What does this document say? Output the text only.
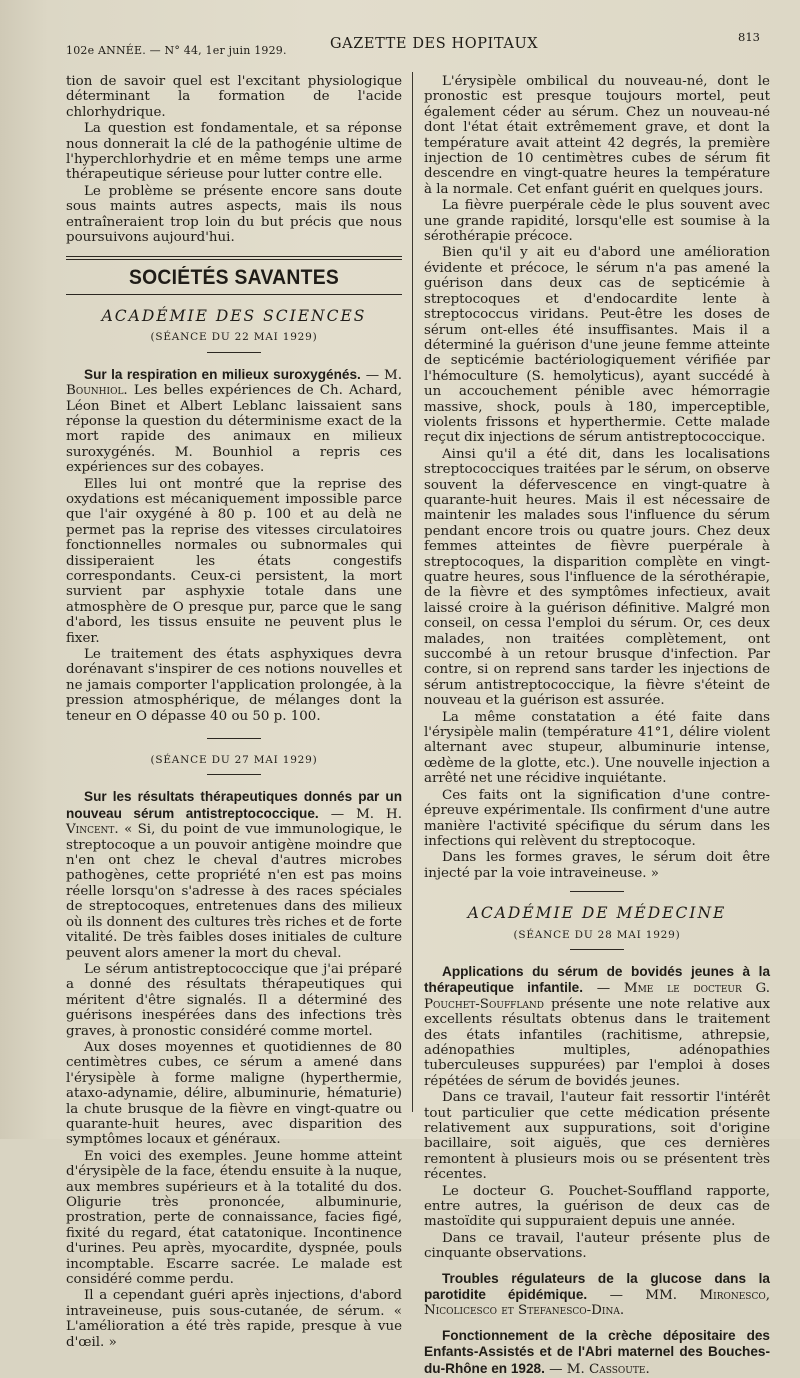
102e ANNÉE. — N° 44, 1er juin 1929.	GAZETTE DES HOPITAUX	813

tion de savoir quel est l'excitant physiologique déterminant la formation de l'acide chlorhydrique.

La question est fondamentale, et sa réponse nous donnerait la clé de la pathogénie ultime de l'hyperchlorhydrie et en même temps une arme thérapeutique sérieuse pour lutter contre elle.

Le problème se présente encore sans doute sous maints autres aspects, mais ils nous entraîneraient trop loin du but précis que nous poursuivons aujourd'hui.

SOCIÉTÉS SAVANTES
ACADÉMIE DES SCIENCES
(SÉANCE DU 22 MAI 1929)

Sur la respiration en milieux suroxygénés. — M. Bounhiol. Les belles expériences de Ch. Achard, Léon Binet et Albert Leblanc laissaient sans réponse la question du déterminisme exact de la mort rapide des animaux en milieux suroxygénés. M. Bounhiol a repris ces expériences sur des cobayes.

Elles lui ont montré que la reprise des oxydations est mécaniquement impossible parce que l'air oxygéné à 80 p. 100 et au delà ne permet pas la reprise des vitesses circulatoires fonctionnelles normales ou subnormales qui dissiperaient les états congestifs correspondants. Ceux-ci persistent, la mort survient par asphyxie totale dans une atmosphère de O presque pur, parce que le sang d'abord, les tissus ensuite ne peuvent plus le fixer.

Le traitement des états asphyxiques devra dorénavant s'inspirer de ces notions nouvelles et ne jamais comporter l'application prolongée, à la pression atmosphérique, de mélanges dont la teneur en O dépasse 40 ou 50 p. 100.

(SÉANCE DU 27 MAI 1929)

Sur les résultats thérapeutiques donnés par un nouveau sérum antistreptococcique. — M. H. Vincent. « Si, du point de vue immunologique, le streptocoque a un pouvoir antigène moindre que n'en ont chez le cheval d'autres microbes pathogènes, cette propriété n'en est pas moins réelle lorsqu'on s'adresse à des races spéciales de streptocoques, entretenues dans des milieux où ils donnent des cultures très riches et de forte vitalité. De très faibles doses initiales de culture peuvent alors amener la mort du cheval.

Le sérum antistreptococcique que j'ai préparé a donné des résultats thérapeutiques qui méritent d'être signalés. Il a déterminé des guérisons inespérées dans des infections très graves, à pronostic considéré comme mortel.

Aux doses moyennes et quotidiennes de 80 centimètres cubes, ce sérum a amené dans l'érysipèle à forme maligne (hyperthermie, ataxo-adynamie, délire, albuminurie, hématurie) la chute brusque de la fièvre en vingt-quatre ou quarante-huit heures, avec disparition des symptômes locaux et généraux.

En voici des exemples. Jeune homme atteint d'érysipèle de la face, étendu ensuite à la nuque, aux membres supérieurs et à la totalité du dos. Oligurie très prononcée, albuminurie, prostration, perte de connaissance, facies figé, fixité du regard, état catatonique. Incontinence d'urines. Peu après, myocardite, dyspnée, pouls incomptable. Escarre sacrée. Le malade est considéré comme perdu.

Il a cependant guéri après injections, d'abord intraveineuse, puis sous-cutanée, de sérum. « L'amélioration a été très rapide, presque à vue d'œil. »

L'érysipèle ombilical du nouveau-né, dont le pronostic est presque toujours mortel, peut également céder au sérum. Chez un nouveau-né dont l'état était extrêmement grave, et dont la température avait atteint 42 degrés, la première injection de 10 centimètres cubes de sérum fit descendre en vingt-quatre heures la température à la normale. Cet enfant guérit en quelques jours.

La fièvre puerpérale cède le plus souvent avec une grande rapidité, lorsqu'elle est soumise à la sérothérapie précoce.

Bien qu'il y ait eu d'abord une amélioration évidente et précoce, le sérum n'a pas amené la guérison dans deux cas de septicémie à streptocoques et d'endocardite lente à streptococcus viridans. Peut-être les doses de sérum ont-elles été insuffisantes. Mais il a déterminé la guérison d'une jeune femme atteinte de septicémie bactériologiquement vérifiée par l'hémoculture (S. hemolyticus), ayant succédé à un accouchement pénible avec hémorragie massive, shock, pouls à 180, imperceptible, violents frissons et hyperthermie. Cette malade reçut dix injections de sérum antistreptococcique.

Ainsi qu'il a été dit, dans les localisations streptococciques traitées par le sérum, on observe souvent la défervescence en vingt-quatre à quarante-huit heures. Mais il est nécessaire de maintenir les malades sous l'influence du sérum pendant encore trois ou quatre jours. Chez deux femmes atteintes de fièvre puerpérale à streptocoques, la disparition complète en vingt-quatre heures, sous l'influence de la sérothérapie, de la fièvre et des symptômes infectieux, avait laissé croire à la guérison définitive. Malgré mon conseil, on cessa l'emploi du sérum. Or, ces deux malades, non traitées complètement, ont succombé à un retour brusque d'infection. Par contre, si on reprend sans tarder les injections de sérum antistreptococcique, la fièvre s'éteint de nouveau et la guérison est assurée.

La même constatation a été faite dans l'érysipèle malin (température 41°1, délire violent alternant avec stupeur, albuminurie intense, œdème de la glotte, etc.). Une nouvelle injection a arrêté net une récidive inquiétante.

Ces faits ont la signification d'une contre-épreuve expérimentale. Ils confirment d'une autre manière l'activité spécifique du sérum dans les infections qui relèvent du streptocoque.

Dans les formes graves, le sérum doit être injecté par la voie intraveineuse. »

ACADÉMIE DE MÉDECINE
(SÉANCE DU 28 MAI 1929)

Applications du sérum de bovidés jeunes à la thérapeutique infantile. — Mme le docteur G. Pouchet-Souffland présente une note relative aux excellents résultats obtenus dans le traitement des états infantiles (rachitisme, athrepsie, adénopathies multiples, adénopathies tuberculeuses suppurées) par l'emploi à doses répétées de sérum de bovidés jeunes.

Dans ce travail, l'auteur fait ressortir l'intérêt tout particulier que cette médication présente relativement aux suppurations, soit d'origine bacillaire, soit aiguës, que ces dernières remontent à plusieurs mois ou se présentent très récentes.

Le docteur G. Pouchet-Souffland rapporte, entre autres, la guérison de deux cas de mastoïdite qui suppuraient depuis une année.

Dans ce travail, l'auteur présente plus de cinquante observations.

Troubles régulateurs de la glucose dans la parotidite épidémique. — MM. Mironesco, Nicolicesco et Stefanesco-Dina.

Fonctionnement de la crèche dépositaire des Enfants-Assistés et de l'Abri maternel des Bouches-du-Rhône en 1928. — M. Cassoute.
